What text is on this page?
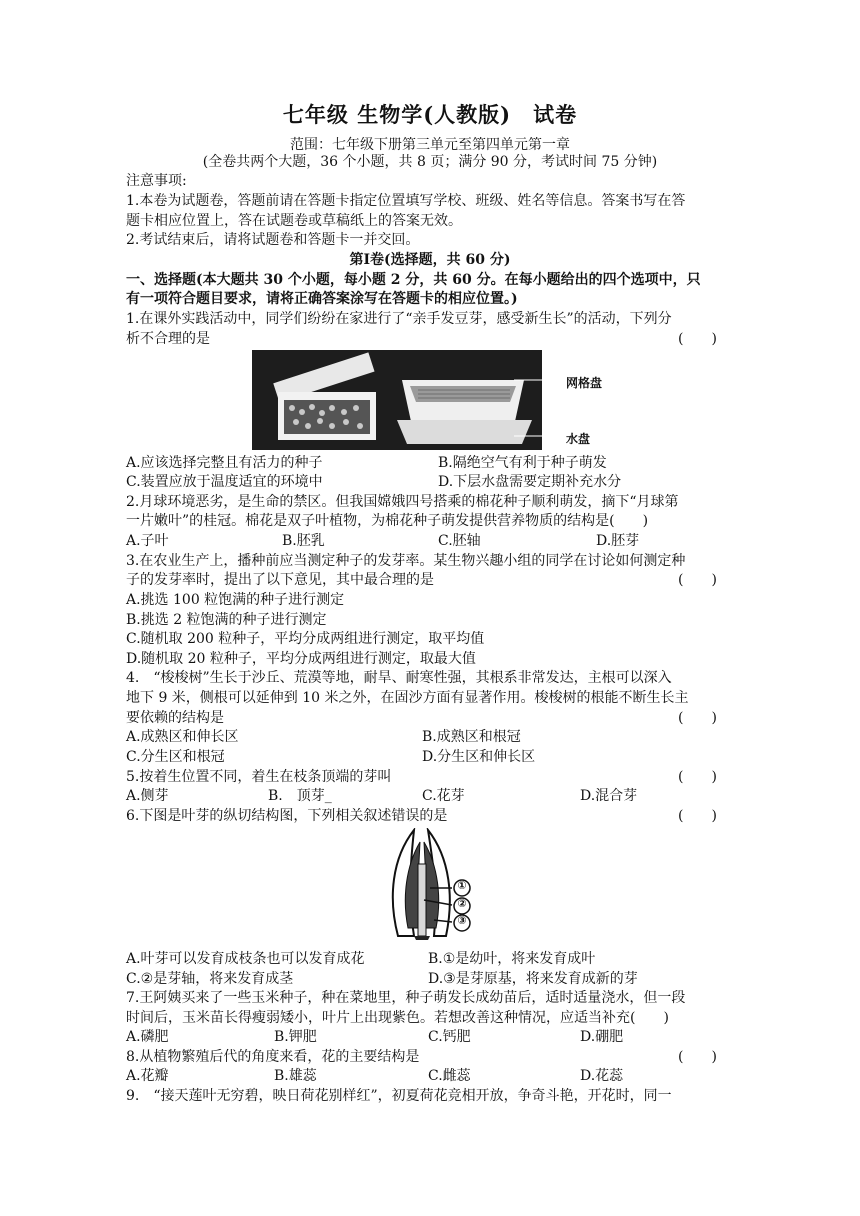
七年级 生物学(人教版)　试卷
范围：七年级下册第三单元至第四单元第一章
(全卷共两个大题，36 个小题，共 8 页；满分 90 分，考试时间 75 分钟)
注意事项:
1.本卷为试题卷，答题前请在答题卡指定位置填写学校、班级、姓名等信息。答案书写在答
题卡相应位置上，答在试题卷或草稿纸上的答案无效。
2.考试结束后，请将试题卷和答题卡一并交回。
第Ⅰ卷(选择题，共 60 分)
一、选择题(本大题共 30 个小题，每小题 2 分，共 60 分。在每小题给出的四个选项中，只
有一项符合题目要求，请将正确答案涂写在答题卡的相应位置。)
1.在课外实践活动中，同学们纷纷在家进行了“亲手发豆芽，感受新生长”的活动，下列分
析不合理的是	(　　)
网格盘
水盘
A.应该选择完整且有活力的种子	B.隔绝空气有利于种子萌发
C.装置应放于温度适宜的环境中	D.下层水盘需要定期补充水分
2.月球环境恶劣，是生命的禁区。但我国嫦娥四号搭乘的棉花种子顺利萌发，摘下“月球第
一片嫩叶”的桂冠。棉花是双子叶植物，为棉花种子萌发提供营养物质的结构是(　　)
A.子叶	B.胚乳	C.胚轴	D.胚芽
3.在农业生产上，播种前应当测定种子的发芽率。某生物兴趣小组的同学在讨论如何测定种
子的发芽率时，提出了以下意见，其中最合理的是	(　　)
A.挑选 100 粒饱满的种子进行测定
B.挑选 2 粒饱满的种子进行测定
C.随机取 200 粒种子，平均分成两组进行测定，取平均值
D.随机取 20 粒种子，平均分成两组进行测定，取最大值
4.　“梭梭树”生长于沙丘、荒漠等地，耐旱、耐寒性强，其根系非常发达，主根可以深入
地下 9 米，侧根可以延伸到 10 米之外，在固沙方面有显著作用。梭梭树的根能不断生长主
要依赖的结构是	(　　)
A.成熟区和伸长区	B.成熟区和根冠
C.分生区和根冠	D.分生区和伸长区
5.按着生位置不同，着生在枝条顶端的芽叫	(　　)
A.侧芽	B.　顶芽_	C.花芽	D.混合芽
6.下图是叶芽的纵切结构图，下列相关叙述错误的是	(　　)
①
②
③
A.叶芽可以发育成枝条也可以发育成花	B.①是幼叶，将来发育成叶
C.②是芽轴，将来发育成茎	D.③是芽原基，将来发育成新的芽
7.王阿姨买来了一些玉米种子，种在菜地里，种子萌发长成幼苗后，适时适量浇水，但一段
时间后，玉米苗长得瘦弱矮小，叶片上出现紫色。若想改善这种情况，应适当补充(　　)
A.磷肥	B.钾肥	C.钙肥	D.硼肥
8.从植物繁殖后代的角度来看，花的主要结构是	(　　)
A.花瓣	B.雄蕊	C.雌蕊	D.花蕊
9.　“接天莲叶无穷碧，映日荷花别样红”，初夏荷花竞相开放，争奇斗艳，开花时，同一
